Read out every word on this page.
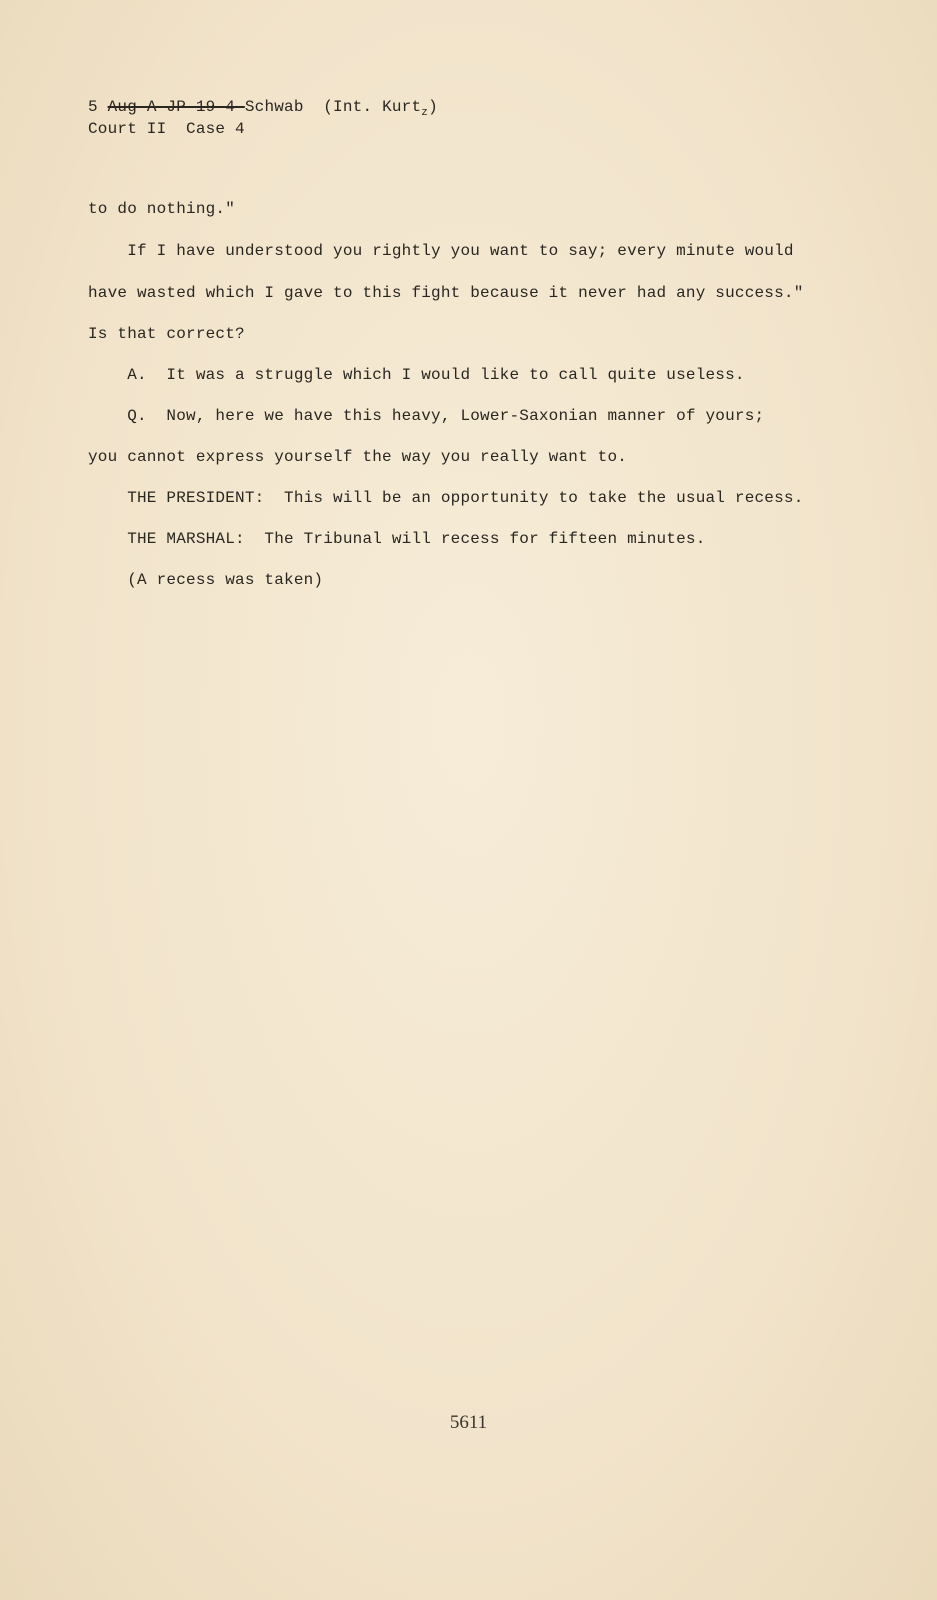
5 Aug-A-JP-19-4-Schwab  (Int. Kurt$_z$)
Court II  Case 4
to do nothing."
If I have understood you rightly you want to say; every minute would
have wasted which I gave to this fight because it never had any success."
Is that correct?
A.  It was a struggle which I would like to call quite useless.
Q.  Now, here we have this heavy, Lower-Saxonian manner of yours;
you cannot express yourself the way you really want to.
THE PRESIDENT:  This will be an opportunity to take the usual recess.
THE MARSHAL:  The Tribunal will recess for fifteen minutes.
(A recess was taken)
5611
